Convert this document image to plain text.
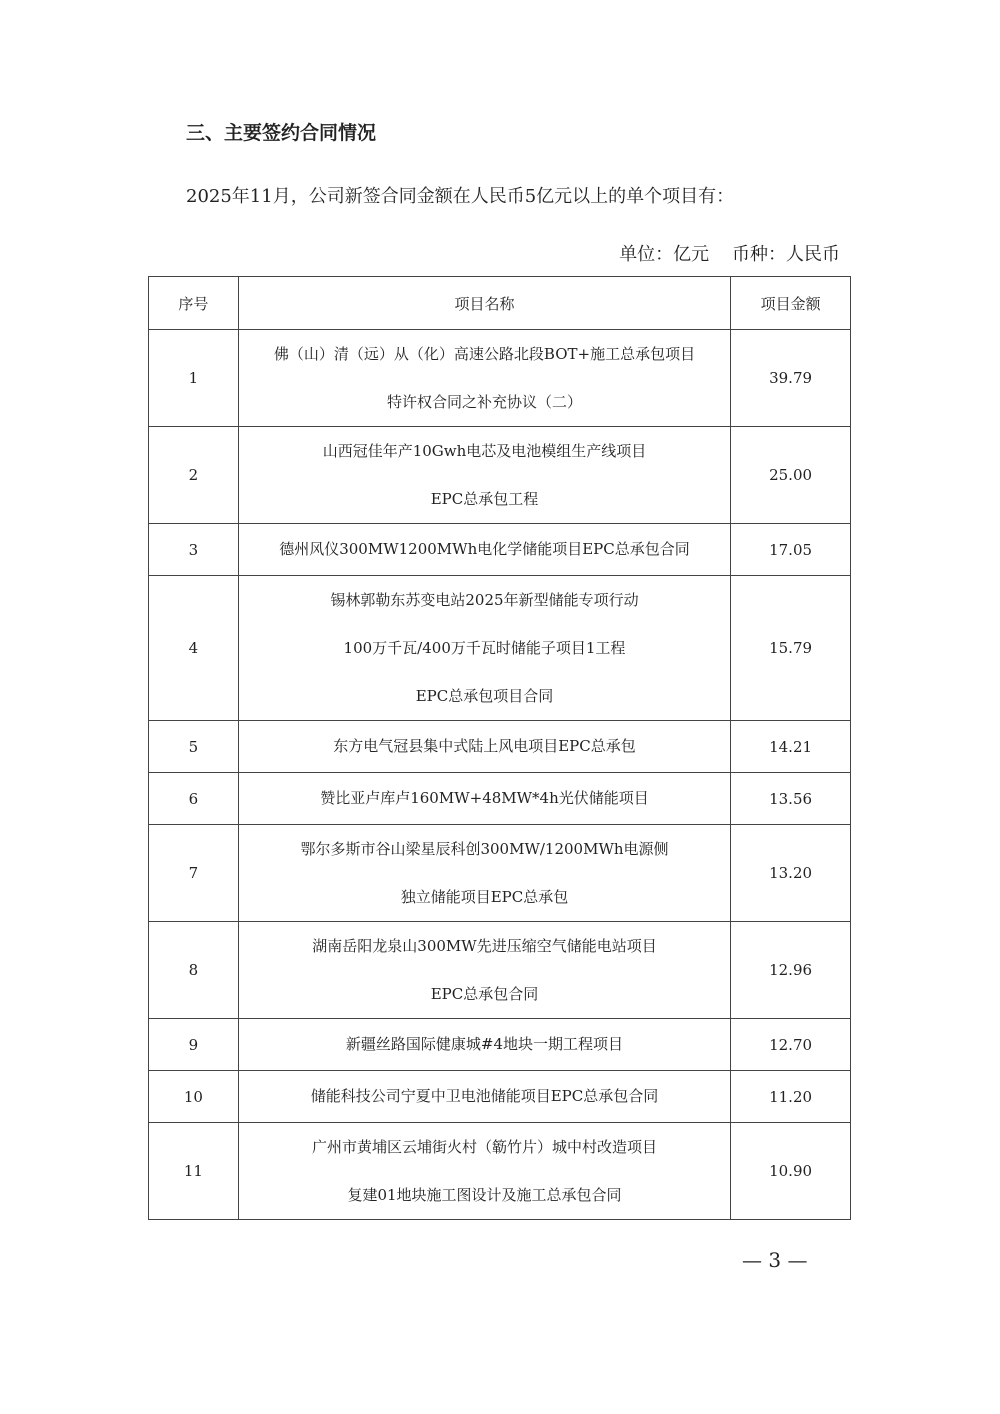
三、主要签约合同情况
2025年11月，公司新签合同金额在人民币5亿元以上的单个项目有：
单位：亿元    币种：人民币
序号	项目名称	项目金额
1	佛（山）清（远）从（化）高速公路北段BOT+施工总承包项目
特许权合同之补充协议（二）	39.79
2	山西冠佳年产10Gwh电芯及电池模组生产线项目
EPC总承包工程	25.00
3	德州风仪300MW1200MWh电化学储能项目EPC总承包合同	17.05
4	锡林郭勒东苏变电站2025年新型储能专项行动
100万千瓦/400万千瓦时储能子项目1工程
EPC总承包项目合同	15.79
5	东方电气冠县集中式陆上风电项目EPC总承包	14.21
6	赞比亚卢库卢160MW+48MW*4h光伏储能项目	13.56
7	鄂尔多斯市谷山梁星辰科创300MW/1200MWh电源侧
独立储能项目EPC总承包	13.20
8	湖南岳阳龙泉山300MW先进压缩空气储能电站项目
EPC总承包合同	12.96
9	新疆丝路国际健康城#4地块一期工程项目	12.70
10	储能科技公司宁夏中卫电池储能项目EPC总承包合同	11.20
11	广州市黄埔区云埔街火村（簕竹片）城中村改造项目
复建01地块施工图设计及施工总承包合同	10.90
— 3 —
